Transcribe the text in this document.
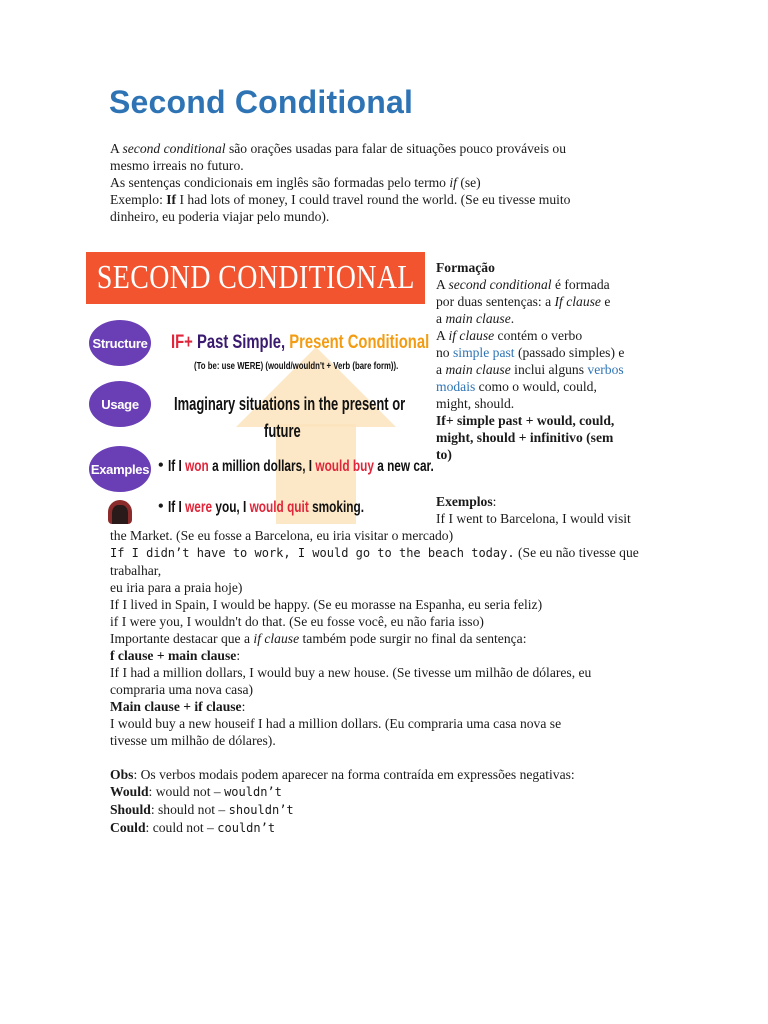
Second Conditional

A second conditional são orações usadas para falar de situações pouco prováveis ou

mesmo irreais no futuro.

As sentenças condicionais em inglês são formadas pelo termo if (se)

Exemplo: If I had lots of money, I could travel round the world. (Se eu tivesse muito

dinheiro, eu poderia viajar pelo mundo).

SECOND CONDITIONAL
Structure
Usage
Examples
IF+ Past Simple, Present Conditional
(To be: use WERE) (would/wouldn't + Verb (bare form)).
Imaginary situations in the present or
future
• If I won a million dollars, I would buy a new car.
• If I were you, I would quit smoking.

Formação

A second conditional é formada

por duas sentenças: a If clause e

a main clause.

A if clause contém o verbo

no simple past (passado simples) e

a main clause inclui alguns verbos

modais como o would, could,

might, should.

If+ simple past + would, could,

might, should + infinitivo (sem

to)

Exemplos:
If I went to Barcelona, I would visit

the Market. (Se eu fosse a Barcelona, eu iria visitar o mercado)

If I didn’t have to work, I would go to the beach today. (Se eu não tivesse que trabalhar,

eu iria para a praia hoje)

If I lived in Spain, I would be happy. (Se eu morasse na Espanha, eu seria feliz)

if I were you, I wouldn't do that. (Se eu fosse você, eu não faria isso)

Importante destacar que a if clause também pode surgir no final da sentença:

f clause + main clause:

If I had a million dollars, I would buy a new house. (Se tivesse um milhão de dólares, eu

compraria uma nova casa)

Main clause + if clause:

I would buy a new houseif I had a million dollars. (Eu compraria uma casa nova se

tivesse um milhão de dólares).

Obs: Os verbos modais podem aparecer na forma contraída em expressões negativas:

Would: would not – wouldn’t

Should: should not – shouldn’t

Could: could not – couldn’t
